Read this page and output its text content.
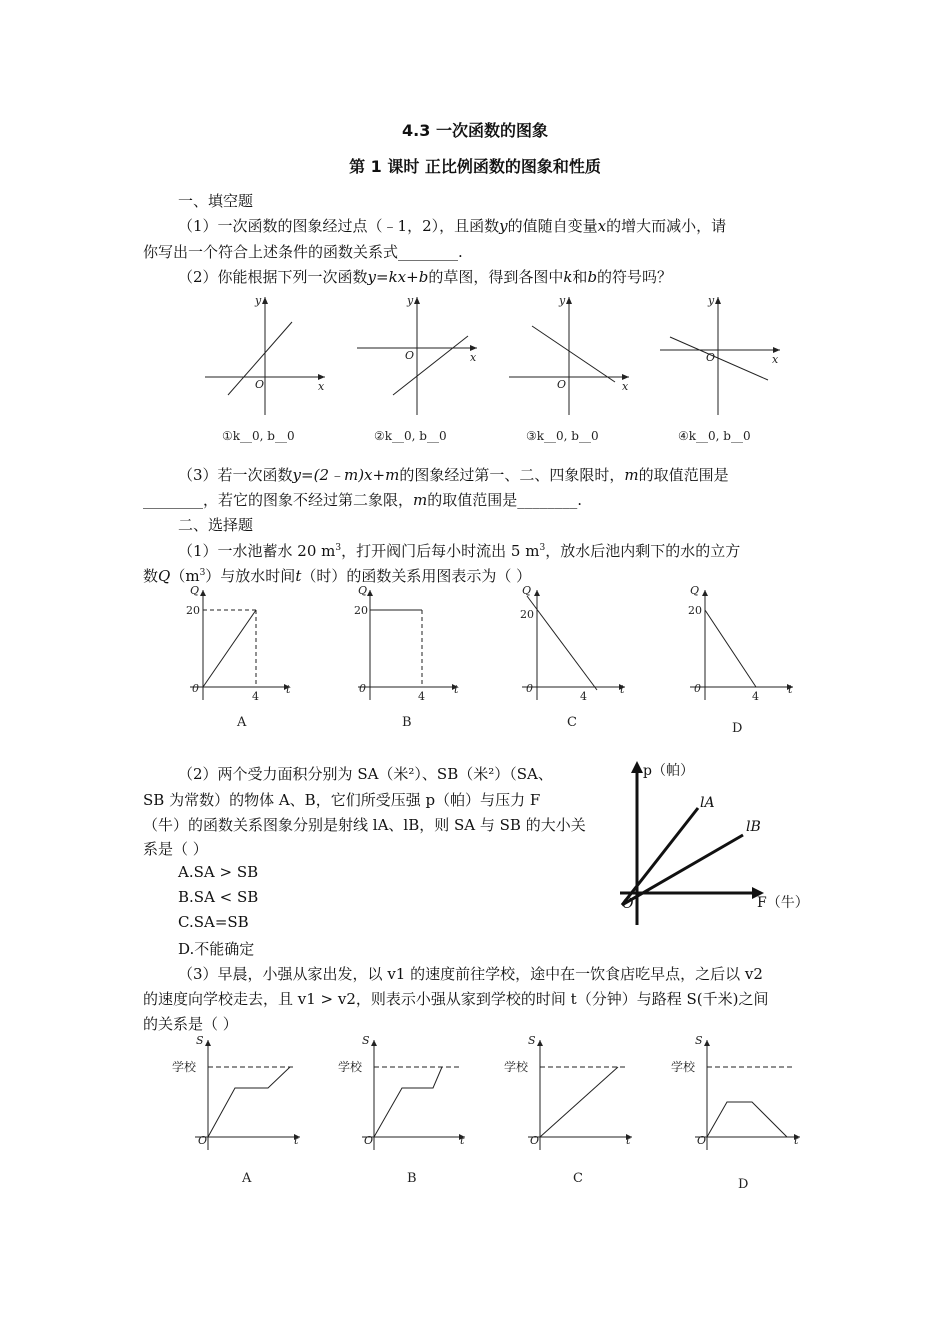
4.3 一次函数的图象
第 1 课时 正比例函数的图象和性质
一、填空题
（1）一次函数的图象经过点（﹣1，2），且函数y的值随自变量x的增大而减小，请
你写出一个符合上述条件的函数关系式________.
（2）你能根据下列一次函数y=kx+b的草图，得到各图中k和b的符号吗？
y
x
O
y
x
O
y
x
O
y
x
O
①k__0, b__0	②k__0, b__0	③k__0, b__0	④k__0, b__0
（3）若一次函数y=(2﹣m)x+m的图象经过第一、二、四象限时，m的取值范围是
________，若它的图象不经过第二象限，m的取值范围是________.
二、选择题
（1）一水池蓄水 20 $m^3$，打开阀门后每小时流出 5 $m^3$，放水后池内剩下的水的立方
数$Q(m^3)$与放水时间t（时）的函数关系用图表示为（ ）
Q
t
20
4
0
Q
t
20
4
0
Q
t
20
4
0
Q
t
20
4
0
A	B	C	D
（2）两个受力面积分别为 SA（米²）、SB（米²）（SA、
SB 为常数）的物体 A、B，它们所受压强 p（帕）与压力 F
（牛）的函数关系图象分别是射线 lA、lB，则 SA 与 SB 的大小关
系是（ ）
A.SA > SB
B.SA < SB
C.SA=SB
D.不能确定
p（帕）
F（牛）
lA
lB
O
（3）早晨，小强从家出发，以 v1 的速度前往学校，途中在一饮食店吃早点，之后以 v2
的速度向学校走去，且 v1 > v2，则表示小强从家到学校的时间 t（分钟）与路程 S(千米)之间
的关系是（ ）
S
t
学校
O
S
t
学校
O
S
t
学校
O
S
t
学校
O
A	B	C	D
